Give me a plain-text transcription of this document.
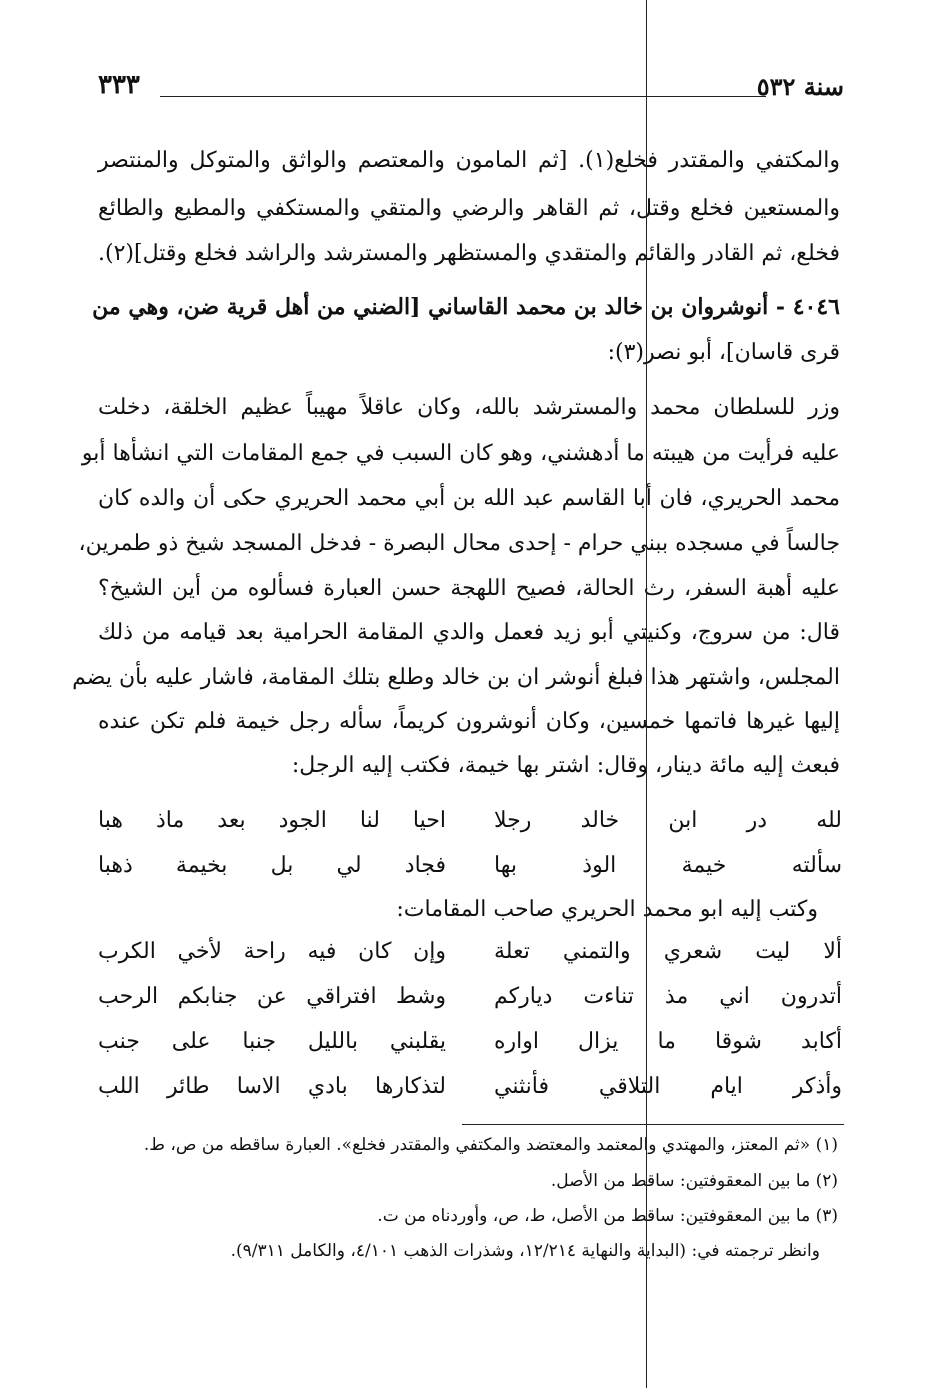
سنة ٥٣٢
٣٣٣
والمكتفي والمقتدر فخلع(١). [ثم المامون والمعتصم والواثق والمتوكل والمنتصر
والمستعين فخلع وقتل، ثم القاهر والرضي والمتقي والمستكفي والمطيع والطائع
فخلع، ثم القادر والقائم والمتقدي والمستظهر والمسترشد والراشد فخلع وقتل](٢).
٤٠٤٦ - أنوشروان بن خالد بن محمد القاساني [الضني من أهل قرية ضن، وهي من
قرى قاسان]، أبو نصر(٣):
وزر للسلطان محمد والمسترشد بالله، وكان عاقلاً مهيباً عظيم الخلقة، دخلت
عليه فرأيت من هيبته ما أدهشني، وهو كان السبب في جمع المقامات التي انشأها أبو
محمد الحريري، فان أبا القاسم عبد الله بن أبي محمد الحريري حكى أن والده كان
جالساً في مسجده ببني حرام - إحدى محال البصرة - فدخل المسجد شيخ ذو طمرين،
عليه أهبة السفر، رث الحالة، فصيح اللهجة حسن العبارة فسألوه من أين الشيخ؟
قال: من سروج، وكنيتي أبو زيد فعمل والدي المقامة الحرامية بعد قيامه من ذلك
المجلس، واشتهر هذا فبلغ أنوشر ان بن خالد وطلع بتلك المقامة، فاشار عليه بأن يضم
إليها غيرها فاتمها خمسين، وكان أنوشرون كريماً، سأله رجل خيمة فلم تكن عنده
فبعث إليه مائة دينار، وقال: اشتر بها خيمة، فكتب إليه الرجل:
لله در ابن خالد رجلا
احيا لنا الجود بعد ماذ هبا
سألته خيمة الوذ بها
فجاد لي بل بخيمة ذهبا
وكتب إليه ابو محمد الحريري صاحب المقامات:
ألا ليت شعري والتمني تعلة
وإن كان فيه راحة لأخي الكرب
أتدرون اني مذ تناءت دياركم
وشط افتراقي عن جنابكم الرحب
أكابد شوقا ما يزال اواره
يقلبني بالليل جنبا على جنب
وأذكر ايام التلاقي فأنثني
لتذكارها بادي الاسا طائر اللب
(١) «ثم المعتز، والمهتدي والمعتمد والمعتضد والمكتفي والمقتدر فخلع». العبارة ساقطه من ص، ط.
(٢) ما بين المعقوفتين: ساقط من الأصل.
(٣) ما بين المعقوفتين: ساقط من الأصل، ط، ص، وأوردناه من ت.
وانظر ترجمته في: (البداية والنهاية ١٢/٢١٤، وشذرات الذهب ٤/١٠١، والكامل ٩/٣١١).
